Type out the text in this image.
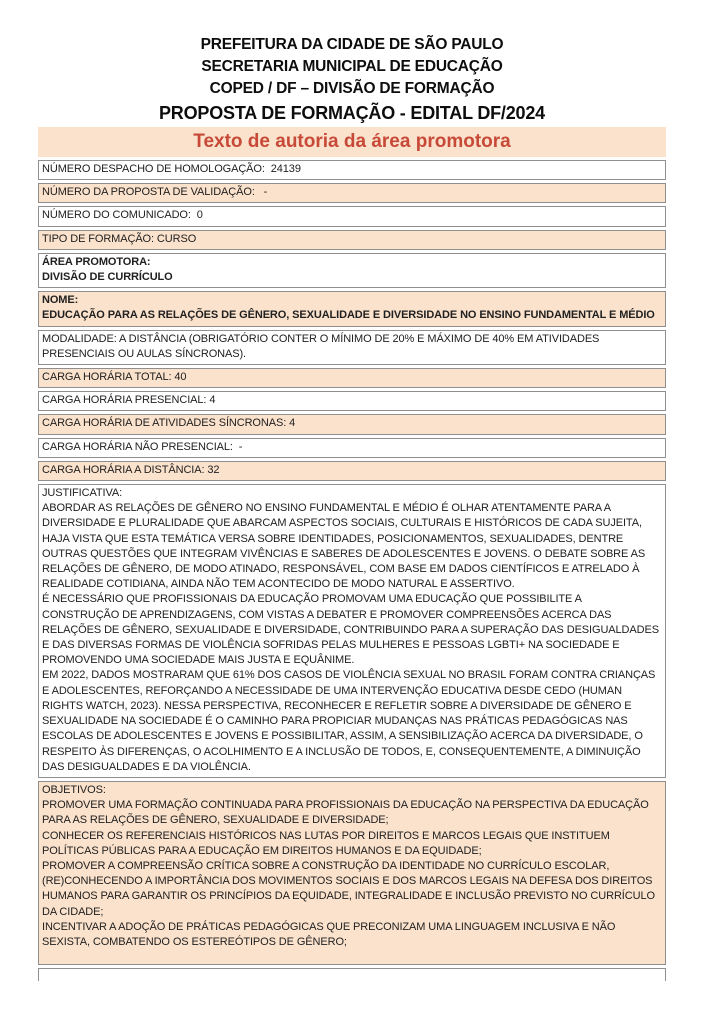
PREFEITURA DA CIDADE DE SÃO PAULO
SECRETARIA MUNICIPAL DE EDUCAÇÃO
COPED / DF – DIVISÃO DE FORMAÇÃO
PROPOSTA DE FORMAÇÃO - EDITAL DF/2024
Texto de autoria da área promotora
NÚMERO DESPACHO DE HOMOLOGAÇÃO:  24139
NÚMERO DA PROPOSTA DE VALIDAÇÃO:   -
NÚMERO DO COMUNICADO:  0
TIPO DE FORMAÇÃO: CURSO
ÁREA PROMOTORA:
DIVISÃO DE CURRÍCULO
NOME:
EDUCAÇÃO PARA AS RELAÇÕES DE GÊNERO, SEXUALIDADE E DIVERSIDADE NO ENSINO FUNDAMENTAL E MÉDIO
MODALIDADE: A DISTÂNCIA (OBRIGATÓRIO CONTER O MÍNIMO DE 20% E MÁXIMO DE 40% EM ATIVIDADES PRESENCIAIS OU AULAS SÍNCRONAS).
CARGA HORÁRIA TOTAL: 40
CARGA HORÁRIA PRESENCIAL: 4
CARGA HORÁRIA DE ATIVIDADES SÍNCRONAS: 4
CARGA HORÁRIA NÃO PRESENCIAL:  -
CARGA HORÁRIA A DISTÂNCIA: 32
JUSTIFICATIVA:
ABORDAR AS RELAÇÕES DE GÊNERO NO ENSINO FUNDAMENTAL E MÉDIO É OLHAR ATENTAMENTE PARA A DIVERSIDADE E PLURALIDADE QUE ABARCAM ASPECTOS SOCIAIS, CULTURAIS E HISTÓRICOS DE CADA SUJEITA, HAJA VISTA QUE ESTA TEMÁTICA VERSA SOBRE IDENTIDADES, POSICIONAMENTOS, SEXUALIDADES, DENTRE OUTRAS QUESTÕES QUE INTEGRAM VIVÊNCIAS E SABERES DE ADOLESCENTES E JOVENS. O DEBATE SOBRE AS RELAÇÕES DE GÊNERO, DE MODO ATINADO, RESPONSÁVEL, COM BASE EM DADOS CIENTÍFICOS E ATRELADO À REALIDADE COTIDIANA, AINDA NÃO TEM ACONTECIDO DE MODO NATURAL E ASSERTIVO.
É NECESSÁRIO QUE PROFISSIONAIS DA EDUCAÇÃO PROMOVAM UMA EDUCAÇÃO QUE POSSIBILITE A CONSTRUÇÃO DE APRENDIZAGENS, COM VISTAS A DEBATER E PROMOVER COMPREENSÕES ACERCA DAS RELAÇÕES DE GÊNERO, SEXUALIDADE E DIVERSIDADE, CONTRIBUINDO PARA A SUPERAÇÃO DAS DESIGUALDADES E DAS DIVERSAS FORMAS DE VIOLÊNCIA SOFRIDAS PELAS MULHERES E PESSOAS LGBTI+ NA SOCIEDADE E PROMOVENDO UMA SOCIEDADE MAIS JUSTA E EQUÂNIME.
EM 2022, DADOS MOSTRARAM QUE 61% DOS CASOS DE VIOLÊNCIA SEXUAL NO BRASIL FORAM CONTRA CRIANÇAS E ADOLESCENTES, REFORÇANDO A NECESSIDADE DE UMA INTERVENÇÃO EDUCATIVA DESDE CEDO (HUMAN RIGHTS WATCH, 2023). NESSA PERSPECTIVA, RECONHECER E REFLETIR SOBRE A DIVERSIDADE DE GÊNERO E SEXUALIDADE NA SOCIEDADE É O CAMINHO PARA PROPICIAR MUDANÇAS NAS PRÁTICAS PEDAGÓGICAS NAS ESCOLAS DE ADOLESCENTES E JOVENS E POSSIBILITAR, ASSIM, A SENSIBILIZAÇÃO ACERCA DA DIVERSIDADE, O RESPEITO ÀS DIFERENÇAS, O ACOLHIMENTO E A INCLUSÃO DE TODOS, E, CONSEQUENTEMENTE, A DIMINUIÇÃO DAS DESIGUALDADES E DA VIOLÊNCIA.
OBJETIVOS:
PROMOVER UMA FORMAÇÃO CONTINUADA PARA PROFISSIONAIS DA EDUCAÇÃO NA PERSPECTIVA DA EDUCAÇÃO PARA AS RELAÇÕES DE GÊNERO, SEXUALIDADE E DIVERSIDADE;
CONHECER OS REFERENCIAIS HISTÓRICOS NAS LUTAS POR DIREITOS E MARCOS LEGAIS QUE INSTITUEM POLÍTICAS PÚBLICAS PARA A EDUCAÇÃO EM DIREITOS HUMANOS E DA EQUIDADE;
PROMOVER A COMPREENSÃO CRÍTICA SOBRE A CONSTRUÇÃO DA IDENTIDADE NO CURRÍCULO ESCOLAR, (RE)CONHECENDO A IMPORTÂNCIA DOS MOVIMENTOS SOCIAIS E DOS MARCOS LEGAIS NA DEFESA DOS DIREITOS HUMANOS PARA GARANTIR OS PRINCÍPIOS DA EQUIDADE, INTEGRALIDADE E INCLUSÃO PREVISTO NO CURRÍCULO DA CIDADE;
INCENTIVAR A ADOÇÃO DE PRÁTICAS PEDAGÓGICAS QUE PRECONIZAM UMA LINGUAGEM INCLUSIVA E NÃO SEXISTA, COMBATENDO OS ESTEREÓTIPOS DE GÊNERO;
